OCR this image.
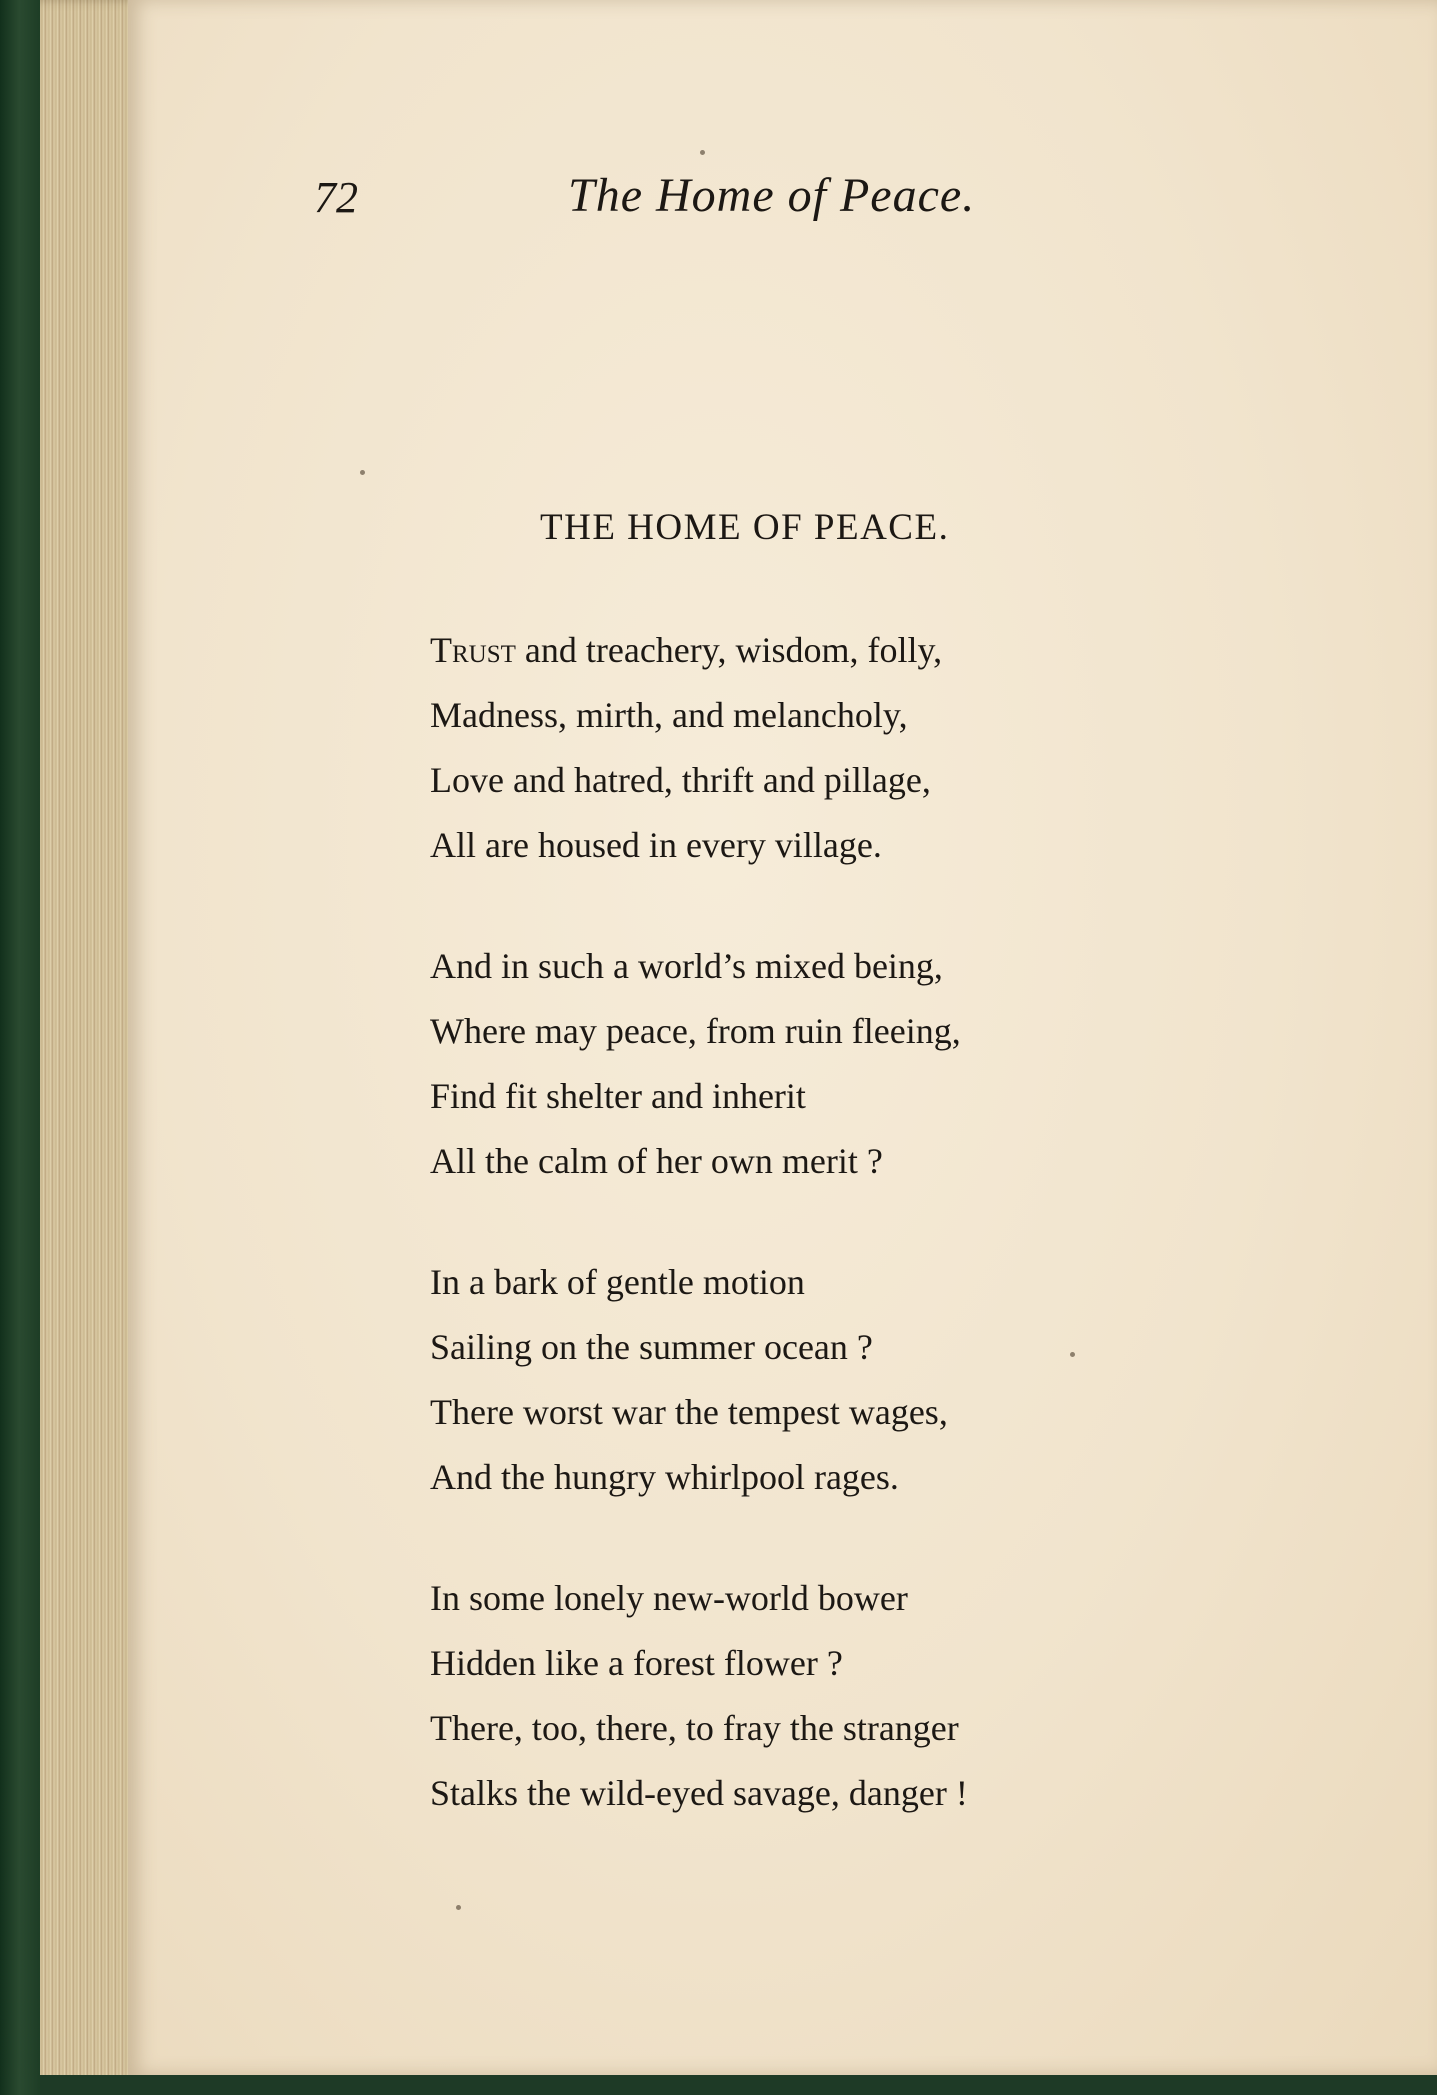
72	The Home of Peace.
THE HOME OF PEACE.
Trust and treachery, wisdom, folly,
Madness, mirth, and melancholy,
Love and hatred, thrift and pillage,
All are housed in every village.
And in such a world’s mixed being,
Where may peace, from ruin fleeing,
Find fit shelter and inherit
All the calm of her own merit ?
In a bark of gentle motion
Sailing on the summer ocean ?
There worst war the tempest wages,
And the hungry whirlpool rages.
In some lonely new-world bower
Hidden like a forest flower ?
There, too, there, to fray the stranger
Stalks the wild-eyed savage, danger !
